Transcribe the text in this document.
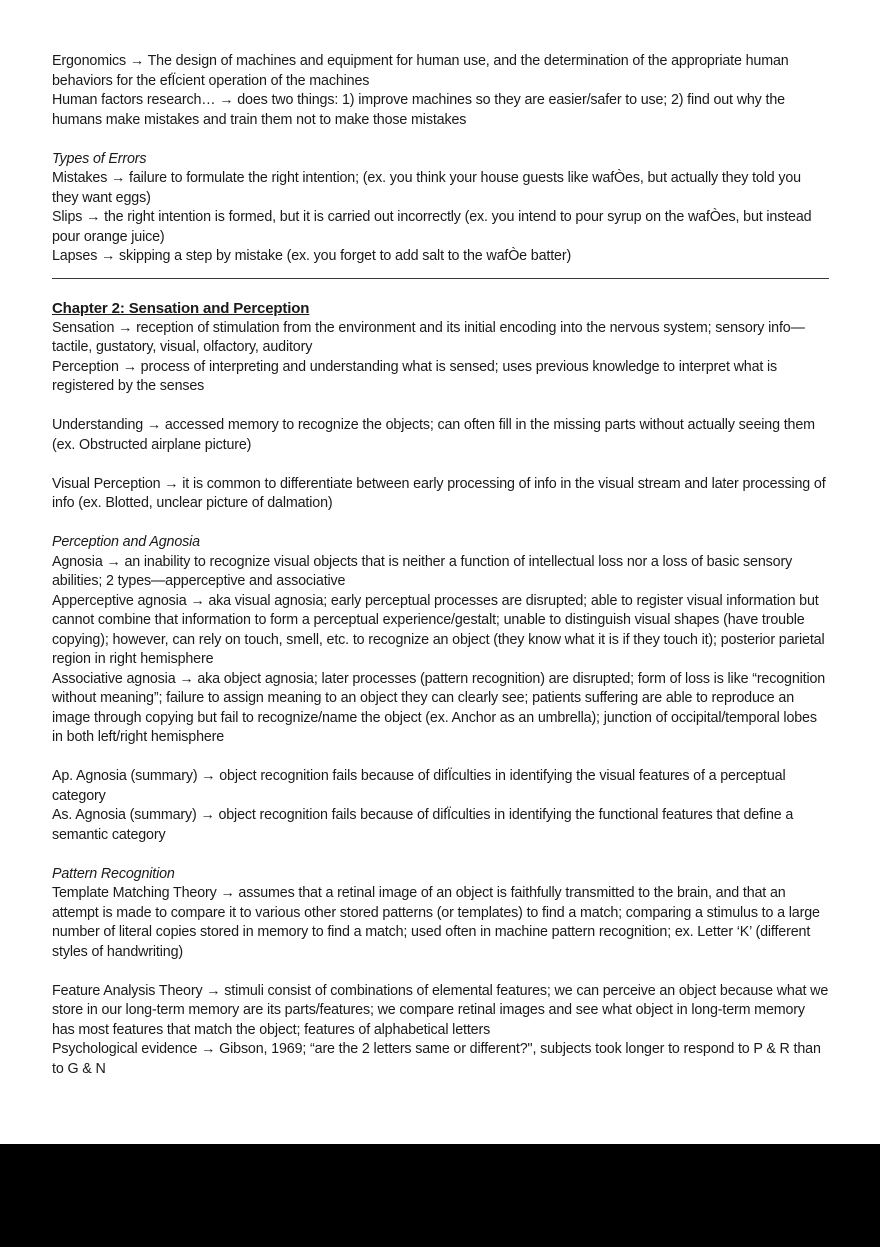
Ergonomics → The design of machines and equipment for human use, and the determination of the appropriate human behaviors for the efÏcient operation of the machines

Human factors research… → does two things: 1) improve machines so they are easier/safer to use; 2) find out why the humans make mistakes and train them not to make those mistakes

Types of Errors

Mistakes → failure to formulate the right intention; (ex. you think your house guests like wafÒes, but actually they told you they want eggs)

Slips → the right intention is formed, but it is carried out incorrectly (ex. you intend to pour syrup on the wafÒes, but instead pour orange juice)

Lapses → skipping a step by mistake (ex. you forget to add salt to the wafÒe batter)

Chapter 2: Sensation and Perception

Sensation → reception of stimulation from the environment and its initial encoding into the nervous system; sensory info—tactile, gustatory, visual, olfactory, auditory

Perception → process of interpreting and understanding what is sensed; uses previous knowledge to interpret what is registered by the senses

Understanding → accessed memory to recognize the objects; can often fill in the missing parts without actually seeing them (ex. Obstructed airplane picture)

Visual Perception → it is common to differentiate between early processing of info in the visual stream and later processing of info (ex. Blotted, unclear picture of dalmation)

Perception and Agnosia

Agnosia → an inability to recognize visual objects that is neither a function of intellectual loss nor a loss of basic sensory abilities; 2 types—apperceptive and associative

Apperceptive agnosia → aka visual agnosia; early perceptual processes are disrupted; able to register visual information but cannot combine that information to form a perceptual experience/gestalt; unable to distinguish visual shapes (have trouble copying); however, can rely on touch, smell, etc. to recognize an object (they know what it is if they touch it); posterior parietal region in right hemisphere

Associative agnosia → aka object agnosia; later processes (pattern recognition) are disrupted; form of loss is like “recognition without meaning”; failure to assign meaning to an object they can clearly see; patients suffering are able to reproduce an image through copying but fail to recognize/name the object (ex. Anchor as an umbrella); junction of occipital/temporal lobes in both left/right hemisphere

Ap. Agnosia (summary) → object recognition fails because of difÏculties in identifying the visual features of a perceptual category

As. Agnosia (summary) → object recognition fails because of difÏculties in identifying the functional features that define a semantic category

Pattern Recognition

Template Matching Theory → assumes that a retinal image of an object is faithfully transmitted to the brain, and that an attempt is made to compare it to various other stored patterns (or templates) to find a match; comparing a stimulus to a large number of literal copies stored in memory to find a match; used often in machine pattern recognition; ex. Letter ‘K’ (different styles of handwriting)

Feature Analysis Theory → stimuli consist of combinations of elemental features; we can perceive an object because what we store in our long-term memory are its parts/features; we compare retinal images and see what object in long-term memory has most features that match the object; features of alphabetical letters

Psychological evidence → Gibson, 1969; “are the 2 letters same or different?", subjects took longer to respond to P & R than to G & N
